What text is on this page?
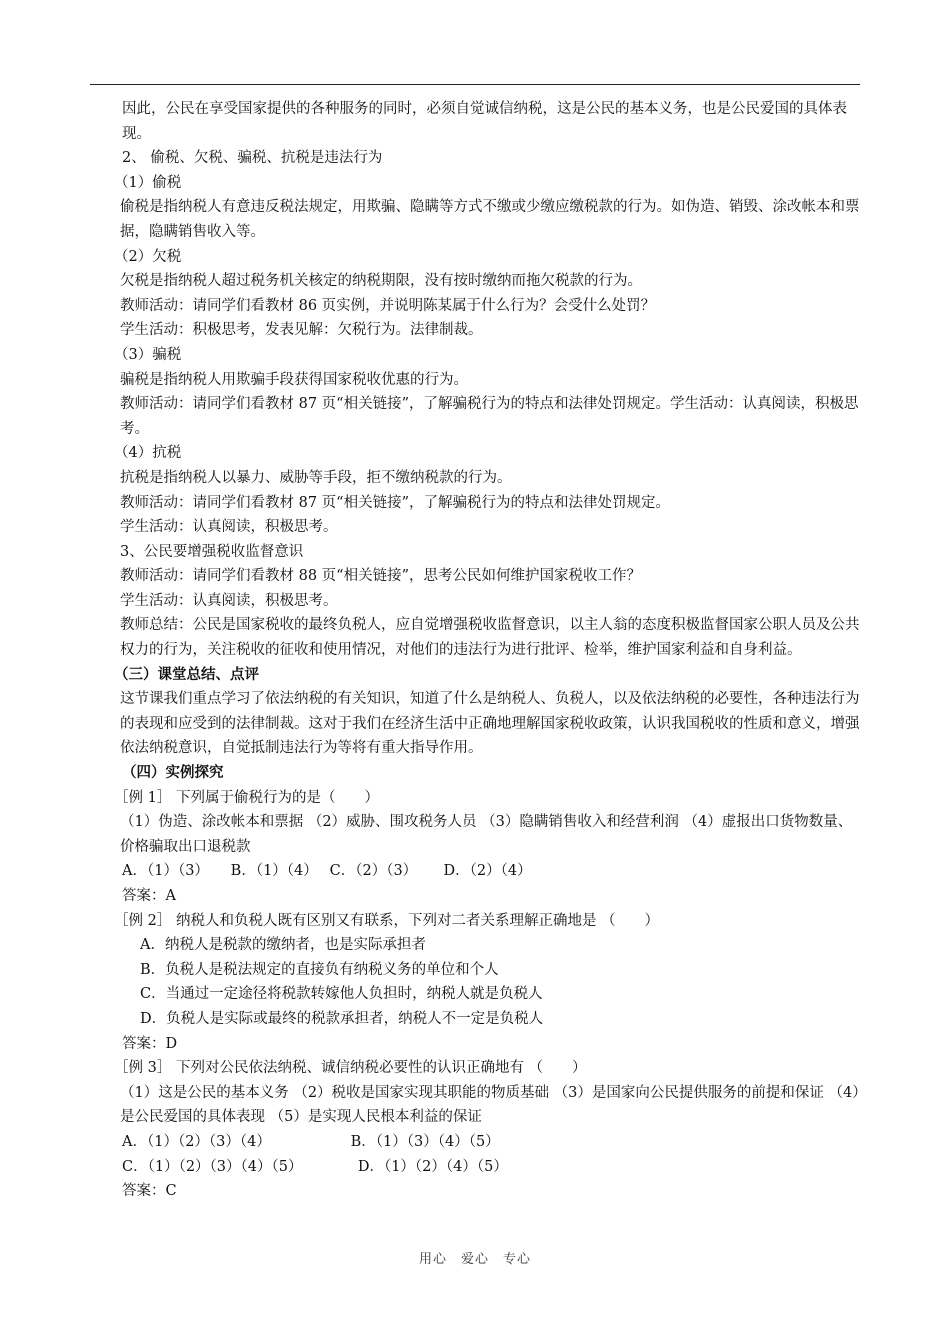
因此，公民在享受国家提供的各种服务的同时，必须自觉诚信纳税，这是公民的基本义务，也是公民爱国的具体表现。

2、 偷税、欠税、骗税、抗税是违法行为

（1）偷税

偷税是指纳税人有意违反税法规定，用欺骗、隐瞒等方式不缴或少缴应缴税款的行为。如伪造、销毁、涂改帐本和票据，隐瞒销售收入等。

（2）欠税

欠税是指纳税人超过税务机关核定的纳税期限，没有按时缴纳而拖欠税款的行为。

教师活动：请同学们看教材 86 页实例，并说明陈某属于什么行为？会受什么处罚？

学生活动：积极思考，发表见解：欠税行为。法律制裁。

（3）骗税

骗税是指纳税人用欺骗手段获得国家税收优惠的行为。

教师活动：请同学们看教材 87 页“相关链接”，了解骗税行为的特点和法律处罚规定。学生活动：认真阅读，积极思考。

（4）抗税

抗税是指纳税人以暴力、威胁等手段，拒不缴纳税款的行为。

教师活动：请同学们看教材 87 页“相关链接”，了解骗税行为的特点和法律处罚规定。

学生活动：认真阅读，积极思考。

3、公民要增强税收监督意识

教师活动：请同学们看教材 88 页“相关链接”，思考公民如何维护国家税收工作？

学生活动：认真阅读，积极思考。

教师总结：公民是国家税收的最终负税人，应自觉增强税收监督意识，以主人翁的态度积极监督国家公职人员及公共权力的行为，关注税收的征收和使用情况，对他们的违法行为进行批评、检举，维护国家利益和自身利益。

（三）课堂总结、点评

这节课我们重点学习了依法纳税的有关知识，知道了什么是纳税人、负税人，以及依法纳税的必要性，各种违法行为的表现和应受到的法律制裁。这对于我们在经济生活中正确地理解国家税收政策，认识我国税收的性质和意义，增强依法纳税意识，自觉抵制违法行为等将有重大指导作用。

（四）实例探究

［例 1］ 下列属于偷税行为的是（　　）

（1）伪造、涂改帐本和票据 （2）威胁、围攻税务人员 （3）隐瞒销售收入和经营利润 （4）虚报出口货物数量、价格骗取出口退税款

A．（1）（3）　　B．（1）（4）　 C．（2）（3）　　 D．（2）（4）

答案：A

［例 2］ 纳税人和负税人既有区别又有联系，下列对二者关系理解正确地是 （　　）

A．纳税人是税款的缴纳者，也是实际承担者

B．负税人是税法规定的直接负有纳税义务的单位和个人

C．当通过一定途径将税款转嫁他人负担时，纳税人就是负税人

D．负税人是实际或最终的税款承担者，纳税人不一定是负税人

答案：D

［例 3］ 下列对公民依法纳税、诚信纳税必要性的认识正确地有 （　　）

（1）这是公民的基本义务 （2）税收是国家实现其职能的物质基础 （3）是国家向公民提供服务的前提和保证 （4）是公民爱国的具体表现 （5）是实现人民根本利益的保证

A．（1）（2）（3）（4）　　　　　　B．（1）（3）（4）（5）

C．（1）（2）（3）（4）（5）　　　　 D．（1）（2）（4）（5）

答案：C

用心　爱心　专心
